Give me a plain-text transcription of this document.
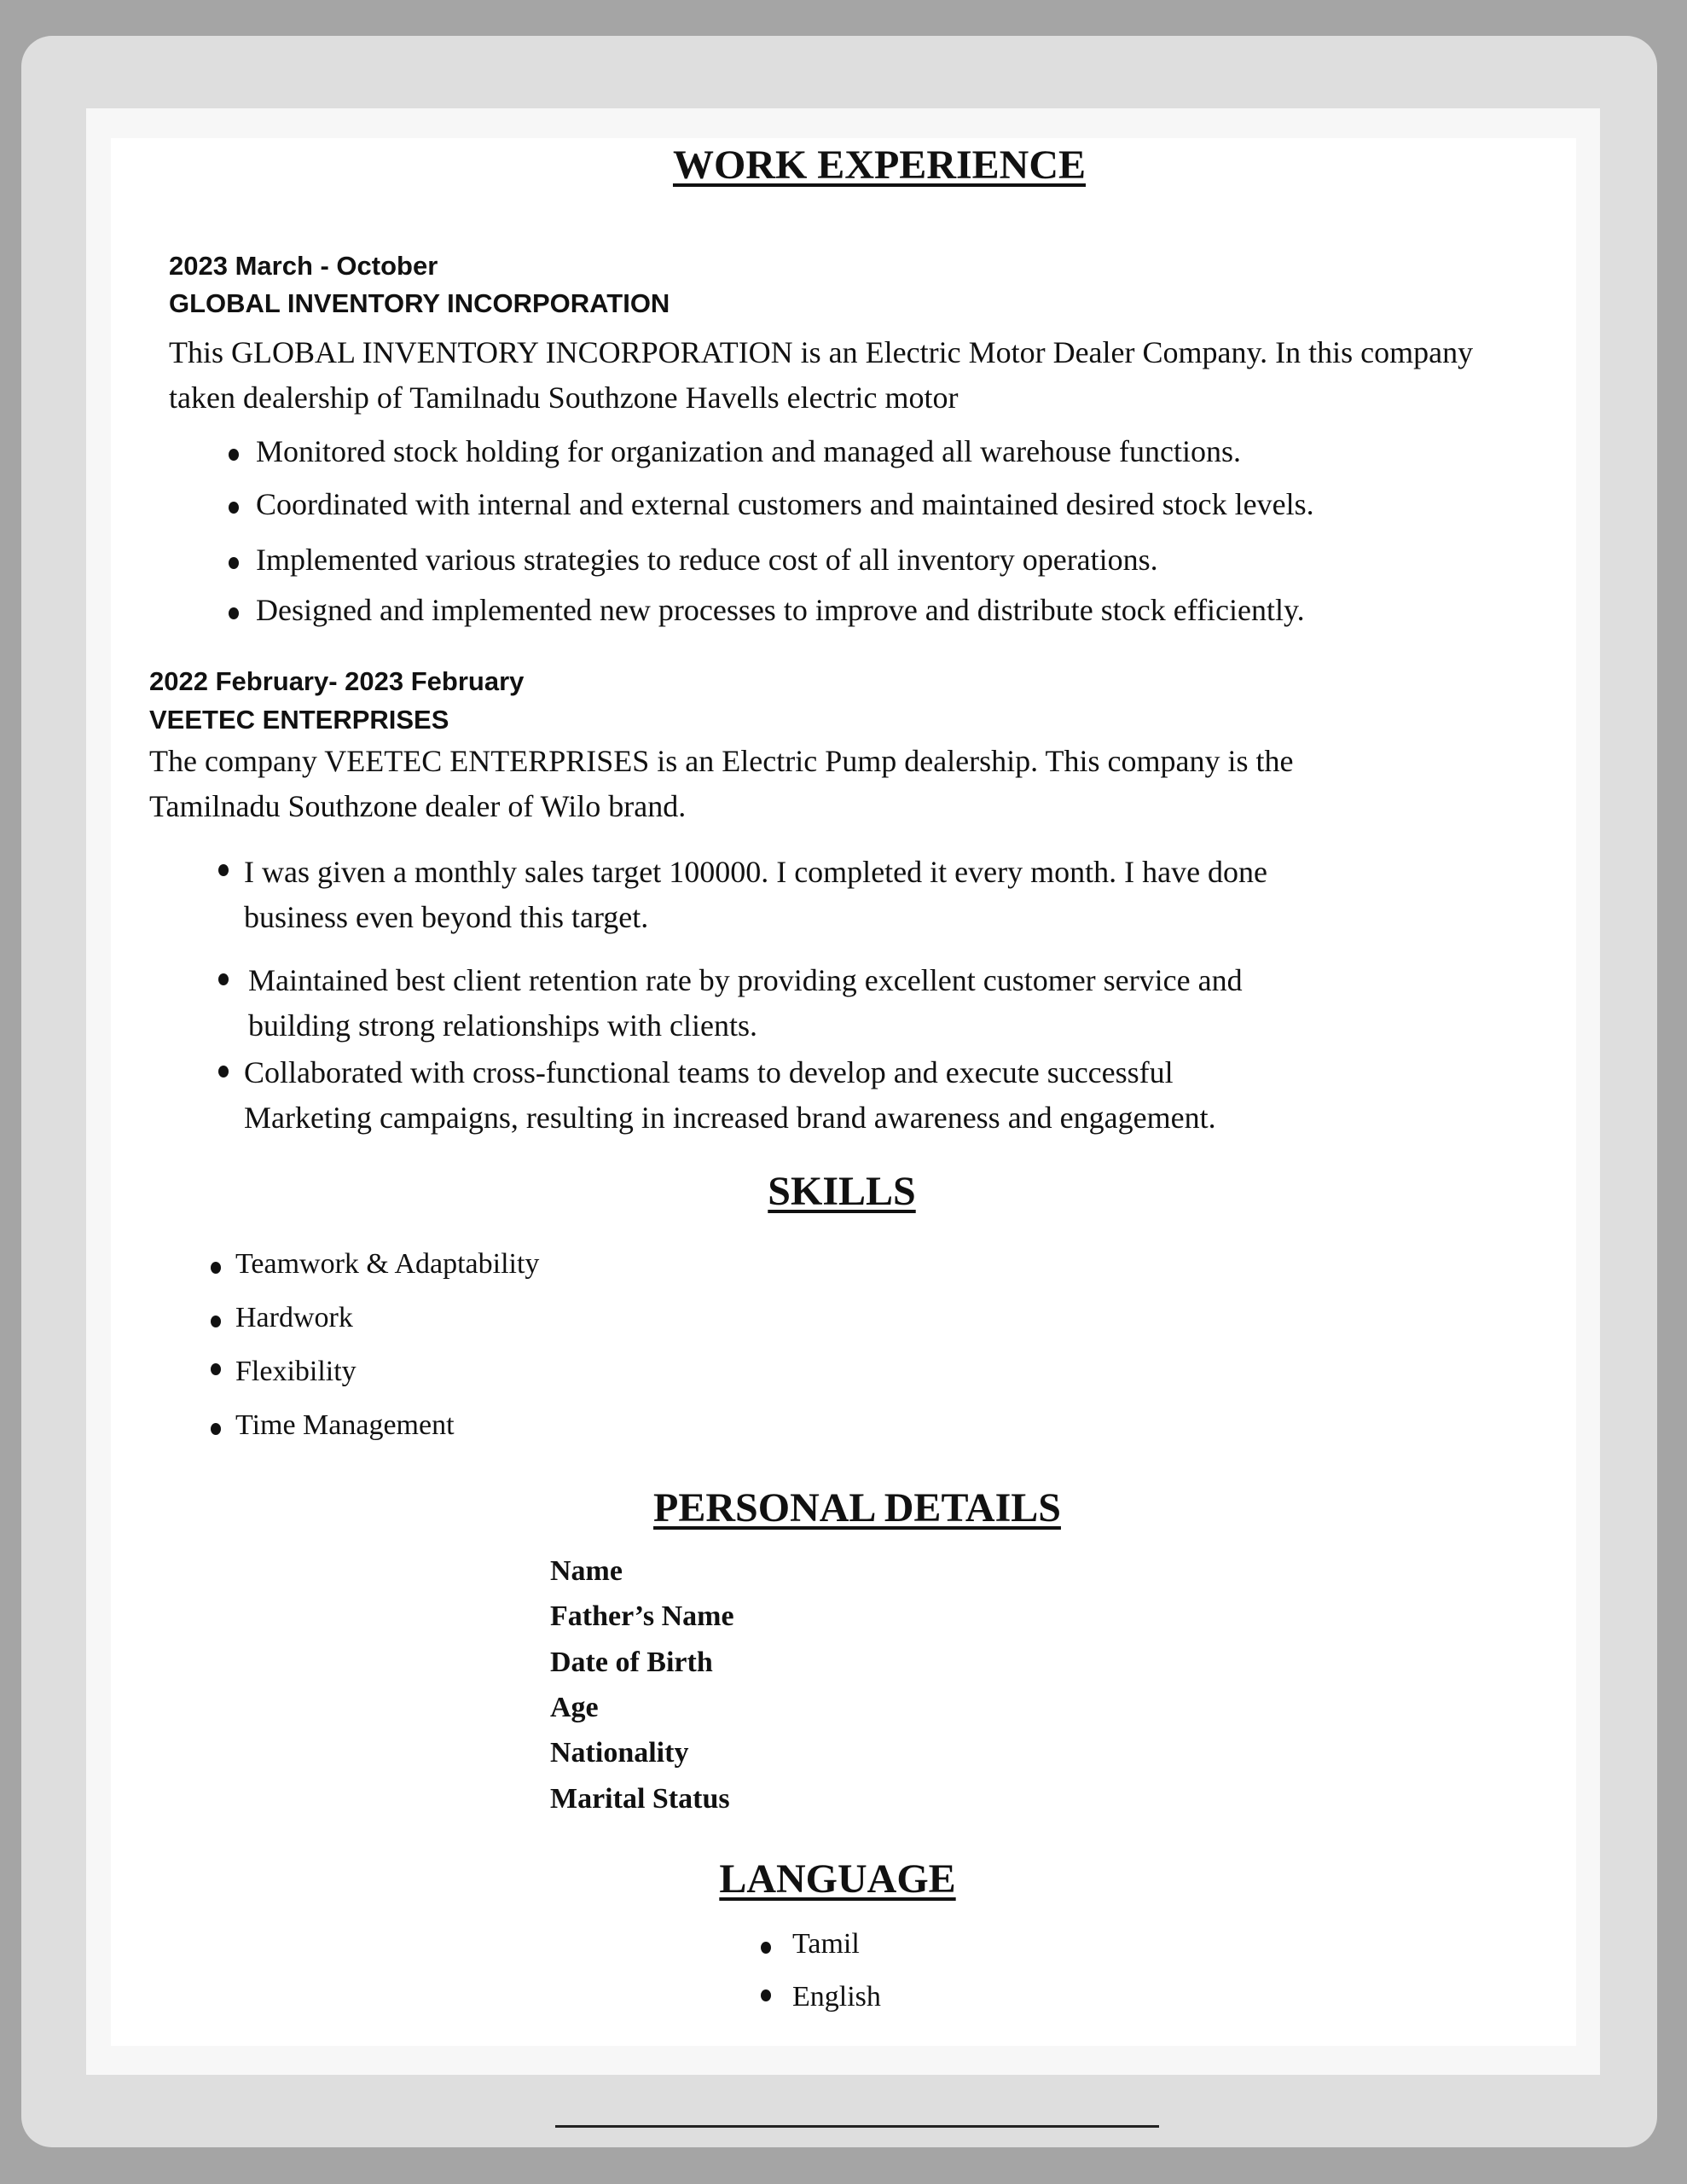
WORK EXPERIENCE
2023 March - October
GLOBAL INVENTORY INCORPORATION
This GLOBAL INVENTORY INCORPORATION is an Electric Motor Dealer Company. In this company
taken dealership of Tamilnadu Southzone Havells electric motor
Monitored stock holding for organization and managed all warehouse functions.
Coordinated with internal and external customers and maintained desired stock levels.
Implemented various strategies to reduce cost of all inventory operations.
Designed and implemented new processes to improve and distribute stock efficiently.
2022 February- 2023 February
VEETEC ENTERPRISES
The company VEETEC ENTERPRISES is an Electric Pump dealership. This company is the
Tamilnadu Southzone dealer of Wilo brand.
I was given a monthly sales target 100000. I completed it every month. I have done
business even beyond this target.
Maintained best client retention rate by providing excellent customer service and
building strong relationships with clients.
Collaborated with cross-functional teams to develop and execute successful
Marketing campaigns, resulting in increased brand awareness and engagement.
SKILLS
Teamwork & Adaptability
Hardwork
Flexibility
Time Management
PERSONAL DETAILS
Name
Father’s Name
Date of Birth
Age
Nationality
Marital Status
LANGUAGE
Tamil
English
